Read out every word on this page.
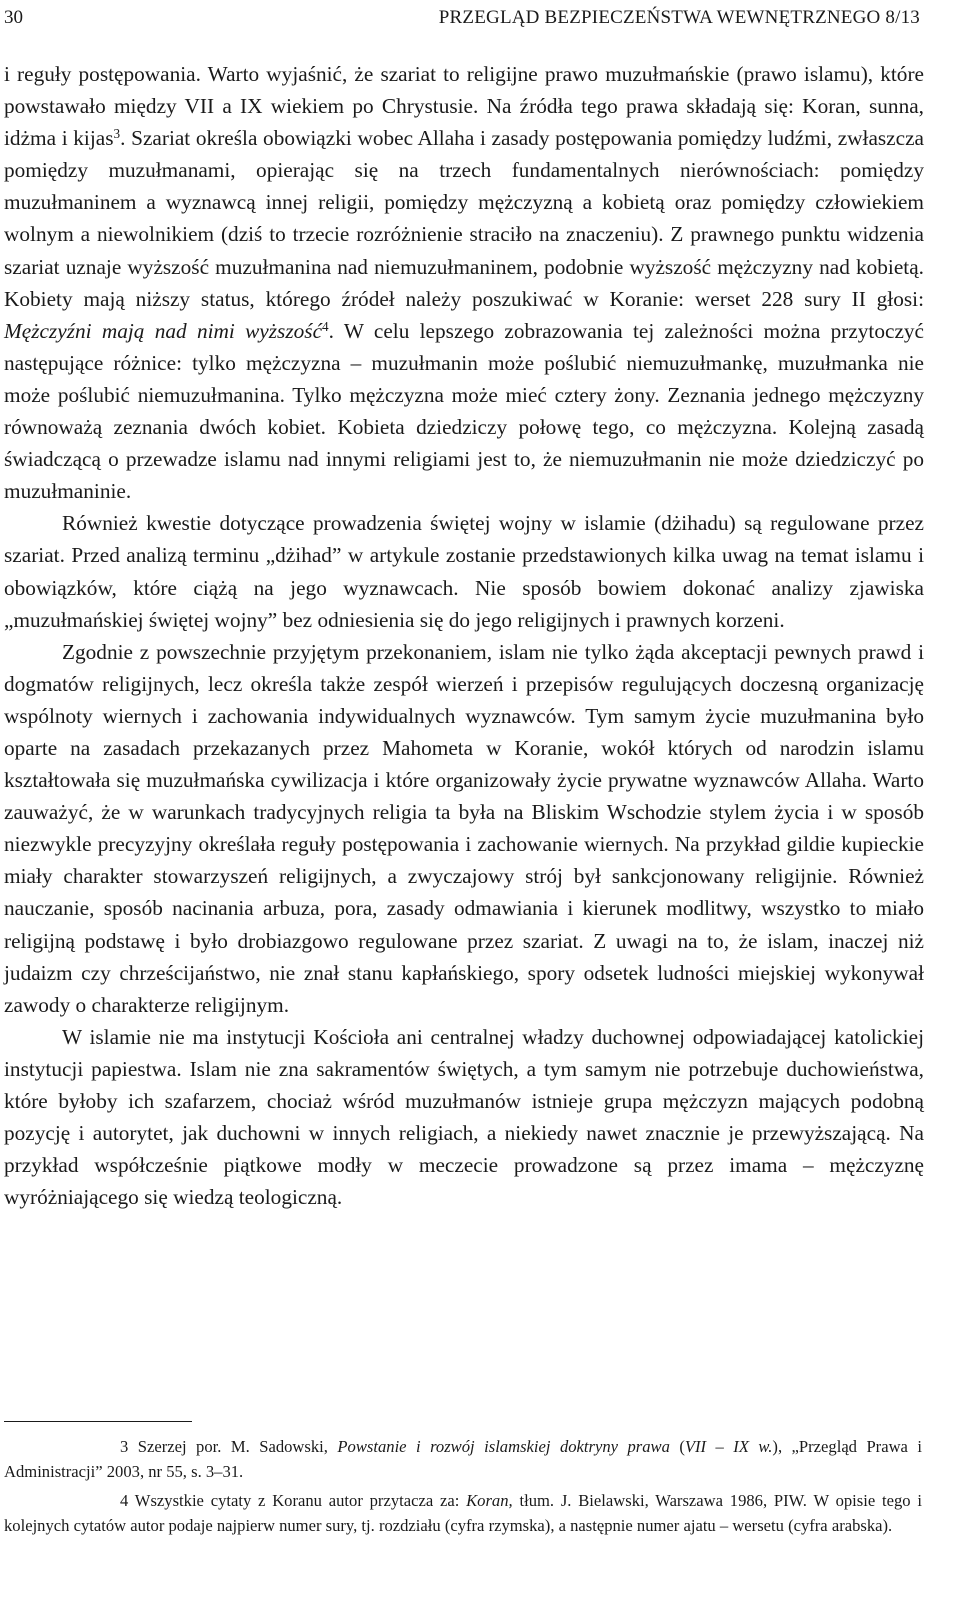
30	PRZEGLĄD BEZPIECZEŃSTWA WEWNĘTRZNEGO 8/13

i reguły postępowania. Warto wyjaśnić, że szariat to religijne prawo muzułmańskie (prawo islamu), które powstawało między VII a IX wiekiem po Chrystusie. Na źródła tego prawa składają się: Koran, sunna, idżma i kijas$^3$. Szariat określa obowiązki wobec Allaha i zasady postępowania pomiędzy ludźmi, zwłaszcza pomiędzy muzułmanami, opierając się na trzech fundamentalnych nierównościach: pomiędzy muzułmaninem a wyznawcą innej religii, pomiędzy mężczyzną a kobietą oraz pomiędzy człowiekiem wolnym a niewolnikiem (dziś to trzecie rozróżnienie straciło na znaczeniu). Z prawnego punktu widzenia szariat uznaje wyższość muzułmanina nad niemuzułmaninem, podobnie wyższość mężczyzny nad kobietą. Kobiety mają niższy status, którego źródeł należy poszukiwać w Koranie: werset 228 sury II głosi: Mężczyźni mają nad nimi wyższość$^4$. W celu lepszego zobrazowania tej zależności można przytoczyć następujące różnice: tylko mężczyzna – muzułmanin może poślubić niemuzułmankę, muzułmanka nie może poślubić niemuzułmanina. Tylko mężczyzna może mieć cztery żony. Zeznania jednego mężczyzny równoważą zeznania dwóch kobiet. Kobieta dziedziczy połowę tego, co mężczyzna. Kolejną zasadą świadczącą o przewadze islamu nad innymi religiami jest to, że niemuzułmanin nie może dziedziczyć po muzułmaninie.

Również kwestie dotyczące prowadzenia świętej wojny w islamie (dżihadu) są regulowane przez szariat. Przed analizą terminu „dżihad” w artykule zostanie przedstawionych kilka uwag na temat islamu i obowiązków, które ciążą na jego wyznawcach. Nie sposób bowiem dokonać analizy zjawiska „muzułmańskiej świętej wojny” bez odniesienia się do jego religijnych i prawnych korzeni.

Zgodnie z powszechnie przyjętym przekonaniem, islam nie tylko żąda akceptacji pewnych prawd i dogmatów religijnych, lecz określa także zespół wierzeń i przepisów regulujących doczesną organizację wspólnoty wiernych i zachowania indywidualnych wyznawców. Tym samym życie muzułmanina było oparte na zasadach przekazanych przez Mahometa w Koranie, wokół których od narodzin islamu kształtowała się muzułmańska cywilizacja i które organizowały życie prywatne wyznawców Allaha. Warto zauważyć, że w warunkach tradycyjnych religia ta była na Bliskim Wschodzie stylem życia i w sposób niezwykle precyzyjny określała reguły postępowania i zachowanie wiernych. Na przykład gildie kupieckie miały charakter stowarzyszeń religijnych, a zwyczajowy strój był sankcjonowany religijnie. Również nauczanie, sposób nacinania arbuza, pora, zasady odmawiania i kierunek modlitwy, wszystko to miało religijną podstawę i było drobiazgowo regulowane przez szariat. Z uwagi na to, że islam, inaczej niż judaizm czy chrześcijaństwo, nie znał stanu kapłańskiego, spory odsetek ludności miejskiej wykonywał zawody o charakterze religijnym.

W islamie nie ma instytucji Kościoła ani centralnej władzy duchownej odpowiadającej katolickiej instytucji papiestwa. Islam nie zna sakramentów świętych, a tym samym nie potrzebuje duchowieństwa, które byłoby ich szafarzem, chociaż wśród muzułmanów istnieje grupa mężczyzn mających podobną pozycję i autorytet, jak duchowni w innych religiach, a niekiedy nawet znacznie je przewyższającą. Na przykład współcześnie piątkowe modły w meczecie prowadzone są przez imama – mężczyznę wyróżniającego się wiedzą teologiczną.

3 Szerzej por. M. Sadowski, Powstanie i rozwój islamskiej doktryny prawa (VII – IX w.), „Przegląd Prawa i Administracji” 2003, nr 55, s. 3–31.

4 Wszystkie cytaty z Koranu autor przytacza za: Koran, tłum. J. Bielawski, Warszawa 1986, PIW. W opisie tego i kolejnych cytatów autor podaje najpierw numer sury, tj. rozdziału (cyfra rzymska), a następnie numer ajatu – wersetu (cyfra arabska).
